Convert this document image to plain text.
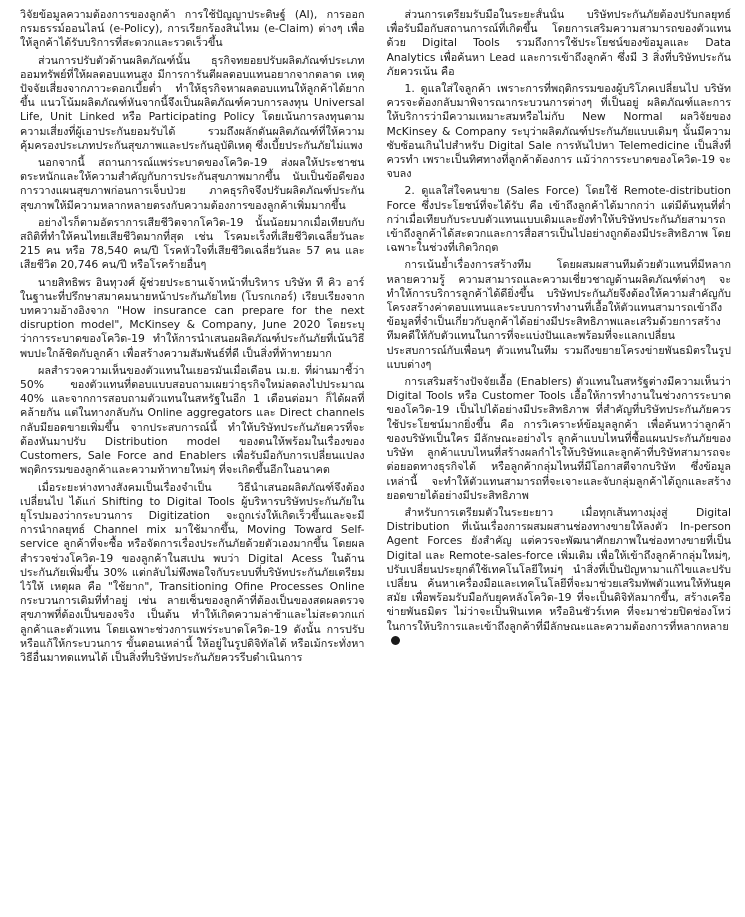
วิจัยข้อมูลความต้องการของลูกค้า การใช้ปัญญาประดิษฐ์ (AI), การออกกรมธรรม์ออนไลน์ (e-Policy), การเรียกร้องสินไหม (e-Claim) ต่างๆ เพื่อให้ลูกค้าได้รับบริการที่สะดวกและรวดเร็วขึ้น

ส่วนการปรับตัวด้านผลิตภัณฑ์นั้น ธุรกิจทยอยปรับผลิตภัณฑ์ประเภทออมทรัพย์ที่ให้ผลตอบแทนสูง มีการการันตีผลตอบแทนอยากจากตลาด เหตุปัจจัยเสี่ยงจากภาวะดอกเบี้ยต่ำ ทำให้ธุรกิจหาผลตอบแทนให้ลูกค้าได้ยากขึ้น แนวโน้มผลิตภัณฑ์หันจากนี้จึงเป็นผลิตภัณฑ์ควบการลงทุน Universal Life, Unit Linked หรือ Participating Policy โดยเน้นการลงทุนตามความเสี่ยงที่ผู้เอาประกันยอมรับได้ รวมถึงผลักดันผลิตภัณฑ์ที่ให้ความคุ้มครองประเภทประกันสุขภาพและประกันอุบัติเหตุ ซึ่งเบี้ยประกันภัยไม่แพง

นอกจากนี้ สถานการณ์แพร่ระบาดของโควิด-19 ส่งผลให้ประชาชนตระหนักและให้ความสำคัญกับการประกันสุขภาพมากขึ้น นับเป็นข้อดีของการวางแผนสุขภาพก่อนการเจ็บป่วย ภาคธุรกิจจึงปรับผลิตภัณฑ์ประกันสุขภาพให้มีความหลากหลายตรงกับความต้องการของลูกค้าเพิ่มมากขึ้น

อย่างไรก็ตามอัตราการเสียชีวิตจากโควิด-19 นั้นน้อยมากเมื่อเทียบกับสถิติที่ทำให้คนไทยเสียชีวิตมากที่สุด เช่น โรคมะเร็งที่เสียชีวิตเฉลี่ยวันละ 215 คน หรือ 78,540 คน/ปี โรคหัวใจที่เสียชีวิตเฉลี่ยวันละ 57 คน และเสียชีวิต 20,746 คน/ปี หรือโรคร้ายอื่นๆ

นายสิทธิพร อินทุวงศ์ ผู้ช่วยประธานเจ้าหน้าที่บริหาร บริษัท ที คิว อาร์ ในฐานะที่ปรึกษาสมาคมนายหน้าประกันภัยไทย (โบรกเกอร์) เรียบเรียงจากบทความอ้างอิงจาก "How insurance can prepare for the next disruption model", McKinsey & Company, June 2020 โดยระบุว่าการระบาดของโควิด-19 ทำให้การนำเสนอผลิตภัณฑ์ประกันภัยที่เน้นวิธีพบปะใกล้ชิดกับลูกค้า เพื่อสร้างความสัมพันธ์ที่ดี เป็นสิ่งที่ท้าทายมาก

ผลสำรวจความเห็นของตัวแทนในเยอรมันเมื่อเดือน เม.ย. ที่ผ่านมาชี้ว่า 50% ของตัวแทนที่ตอบแบบสอบถามเผยว่าธุรกิจใหม่ลดลงไปประมาณ 40% และจากการสอบถามตัวแทนในสหรัฐในอีก 1 เดือนต่อมา ก็ได้ผลที่คล้ายกัน แต่ในทางกลับกัน Online aggregators และ Direct channels กลับมียอดขายเพิ่มขึ้น จากประสบการณ์นี้ ทำให้บริษัทประกันภัยควรที่จะต้องหันมาปรับ Distribution model ของตนให้พร้อมในเรื่องของ Customers, Sale Force and Enablers เพื่อรับมือกับการเปลี่ยนแปลงพฤติกรรมของลูกค้าและความท้าทายใหม่ๆ ที่จะเกิดขึ้นอีกในอนาคต

เมื่อระยะห่างทางสังคมเป็นเรื่องจำเป็น วิธีนำเสนอผลิตภัณฑ์จึงต้องเปลี่ยนไป ได้แก่ Shifting to Digital Tools ผู้บริหารบริษัทประกันภัยในยุโรปมองว่ากระบวนการ Digitization จะถูกเร่งให้เกิดเร็วขึ้นและจะมีการนำกลยุทธ์ Channel mix มาใช้มากขึ้น, Moving Toward Self-service ลูกค้าที่จะซื้อ หรือจัดการเรื่องประกันภัยด้วยตัวเองมากขึ้น โดยผลสำรวจช่วงโควิด-19 ของลูกค้าในสเปน พบว่า Digital Acess ในด้านประกันภัยเพิ่มขึ้น 30% แต่กลับไม่พึงพอใจกับระบบที่บริษัทประกันภัยเตรียมไว้ให้ เหตุผล คือ "ใช้ยาก", Transitioning Ofine Processes Online กระบวนการเดิมที่ทำอยู่ เช่น ลายเซ็นของลูกค้าที่ต้องเป็นของสดผลตรวจสุขภาพที่ต้องเป็นของจริง เป็นต้น ทำให้เกิดความล่าช้าและไม่สะดวกแก่ลูกค้าและตัวแทน โดยเฉพาะช่วงการแพร่ระบาดโควิด-19 ดังนั้น การปรับหรือแก้ให้กระบวนการ ขั้นตอนเหล่านี้ ให้อยู่ในรูปดิจิทัลได้ หรือเม้กระทั่งหาวิธีอื่นมาทดแทนได้ เป็นสิ่งที่บริษัทประกันภัยควรรีบดำเนินการ

ส่วนการเตรียมรับมือในระยะสั้นนั้น บริษัทประกันภัยต้องปรับกลยุทธ์ เพื่อรับมือกับสถานการณ์ที่เกิดขึ้น โดยการเสริมความสามารถของตัวแทนด้วย Digital Tools รวมถึงการใช้ประโยชน์ของข้อมูลและ Data Analytics เพื่อค้นหา Lead และการเข้าถึงลูกค้า ซึ่งมี 3 สิ่งที่บริษัทประกันภัยควรเน้น คือ

1. ดูแลใส่ใจลูกค้า เพราะการที่พฤติกรรมของผู้บริโภคเปลี่ยนไป บริษัทควรจะต้องกลับมาพิจารณากระบวนการต่างๆ ที่เป็นอยู่ ผลิตภัณฑ์และการให้บริการว่ามีความเหมาะสมหรือไม่กับ New Normal ผลวิจัยของ McKinsey & Company ระบุว่าผลิตภัณฑ์ประกันภัยแบบเดิมๆ นั้นมีความซับซ้อนเกินไปสำหรับ Digital Sale การหันไปหา Telemedicine เป็นสิ่งที่ควรทำ เพราะเป็นทิศทางที่ลูกค้าต้องการ แม้ว่าการระบาดของโควิด-19 จะจบลง

2. ดูแลใส่ใจคนขาย (Sales Force) โดยใช้ Remote-distribution Force ซึ่งประโยชน์ที่จะได้รับ คือ เข้าถึงลูกค้าได้มากกว่า แต่มีต้นทุนที่ต่ำกว่าเมื่อเทียบกับระบบตัวแทนแบบเดิมและยังทำให้บริษัทประกันภัยสามารถเข้าถึงลูกค้าได้สะดวกและการสื่อสารเป็นไปอย่างถูกต้องมีประสิทธิภาพ โดยเฉพาะในช่วงที่เกิดวิกฤต

การเน้นย้ำเรื่องการสร้างทีม โดยผสมผสานทีมด้วยตัวแทนที่มีหลากหลายความรู้ ความสามารถและความเชี่ยวชาญด้านผลิตภัณฑ์ต่างๆ จะทำให้การบริการลูกค้าได้ดียิ่งขึ้น บริษัทประกันภัยจึงต้องให้ความสำคัญกับโครงสร้างค่าตอบแทนและระบบการทำงานที่เอื้อให้ตัวแทนสามารถเข้าถึงข้อมูลที่จำเป็นเกี่ยวกับลูกค้าได้อย่างมีประสิทธิภาพและเสริมด้วยการสร้างทีมคดีให้กับตัวแทนในการที่จะแบ่งปันและพร้อมที่จะแลกเปลี่ยนประสบการณ์กับเพื่อนๆ ตัวแทนในทีม รวมถึงขยายโครงข่ายพันธมิตรในรูปแบบต่างๆ

การเสริมสร้างปัจจัยเอื้อ (Enablers) ตัวแทนในสหรัฐต่างมีความเห็นว่า Digital Tools หรือ Customer Tools เอื้อให้การทำงานในช่วงการระบาดของโควิด-19 เป็นไปได้อย่างมีประสิทธิภาพ ที่สำคัญที่บริษัทประกันภัยควรใช้ประโยชน์มากยิ่งขึ้น คือ การวิเคราะห์ข้อมูลลูกค้า เพื่อค้นหาว่าลูกค้าของบริษัทเป็นใคร มีลักษณะอย่างไร ลูกค้าแบบไหนที่ซื้อแผนประกันภัยของบริษัท ลูกค้าแบบไหนที่สร้างผลกำไรให้บริษัทและลูกค้าที่บริษัทสามารถจะต่อยอดทางธุรกิจได้ หรือลูกค้ากลุ่มไหนที่มีโอกาสตีจากบริษัท ซึ่งข้อมูลเหล่านี้ จะทำให้ตัวแทนสามารถที่จะเจาะและจับกลุ่มลูกค้าได้ถูกและสร้างยอดขายได้อย่างมีประสิทธิภาพ

สำหรับการเตรียมตัวในระยะยาว เมื่อทุกเส้นทางมุ่งสู่ Digital Distribution ที่เน้นเรื่องการผสมผสานช่องทางขายให้ลงตัว In-person Agent Forces ยังสำคัญ แต่ควรจะพัฒนาศักยภาพในช่องทางขายที่เป็น Digital และ Remote-sales-force เพิ่มเติม เพื่อให้เข้าถึงลูกค้ากลุ่มใหม่ๆ, ปรับเปลี่ยนประยุกต์ใช้เทคโนโลยีใหม่ๆ นำสิ่งที่เป็นปัญหามาแก้ไขและปรับเปลี่ยน ค้นหาเครื่องมือและเทคโนโลยีที่จะมาช่วยเสริมทัพตัวแทนให้ทันยุคสมัย เพื่อพร้อมรับมือกับยุคหลังโควิด-19 ที่จะเป็นดิจิทัลมากขึ้น, สร้างเครือข่ายพันธมิตร ไม่ว่าจะเป็นฟินเทค หรืออินชัวร์เทค ที่จะมาช่วยปิดช่องโหว่ในการให้บริการและเข้าถึงลูกค้าที่มีลักษณะและความต้องการที่หลากหลาย
